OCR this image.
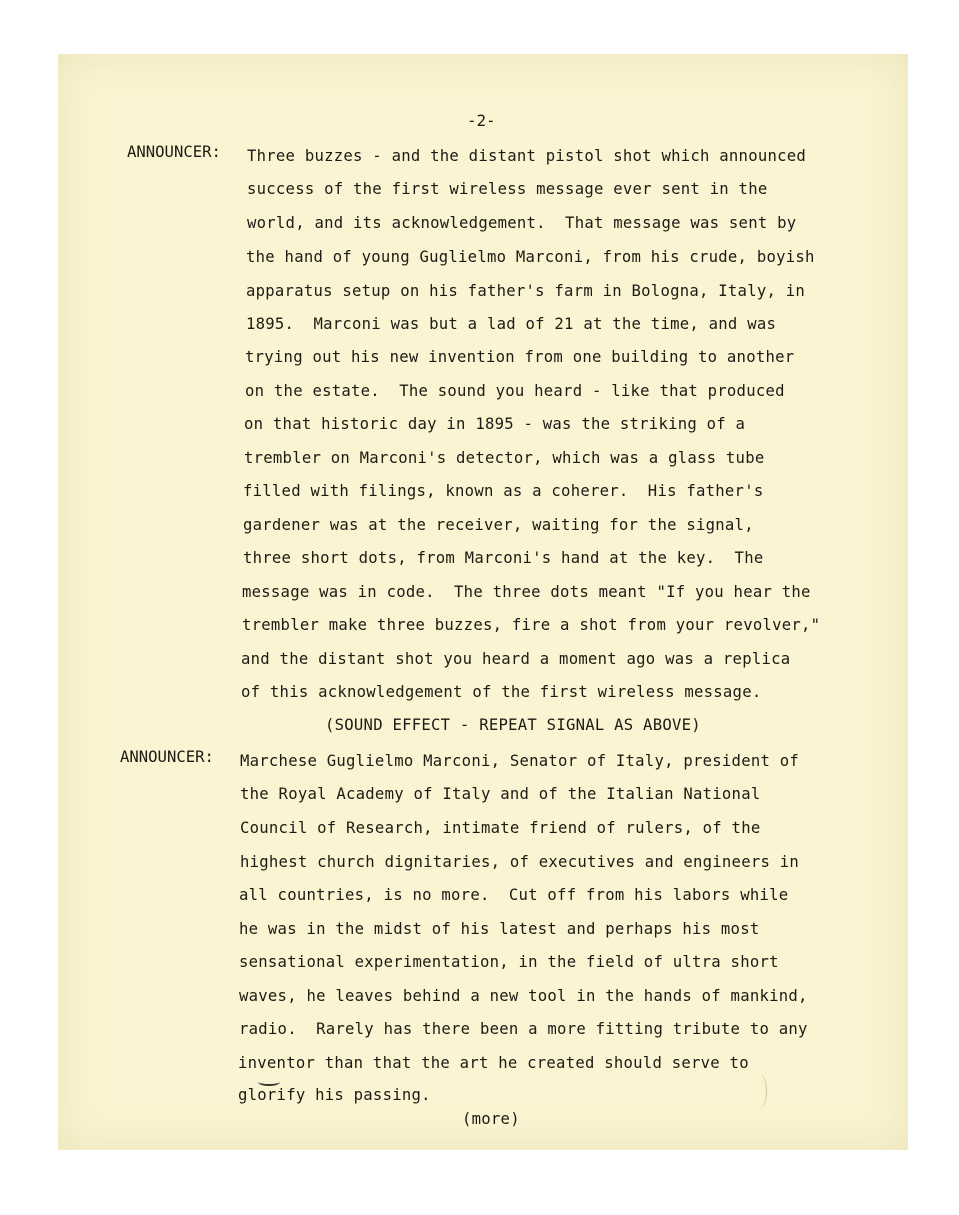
-2-
ANNOUNCER: Three buzzes - and the distant pistol shot which announced
success of the first wireless message ever sent in the
world, and its acknowledgement.  That message was sent by
the hand of young Guglielmo Marconi, from his crude, boyish
apparatus setup on his father's farm in Bologna, Italy, in
1895.  Marconi was but a lad of 21 at the time, and was
trying out his new invention from one building to another
on the estate.  The sound you heard - like that produced
on that historic day in 1895 - was the striking of a
trembler on Marconi's detector, which was a glass tube
filled with filings, known as a coherer.  His father's
gardener was at the receiver, waiting for the signal,
three short dots, from Marconi's hand at the key.  The
message was in code.  The three dots meant "If you hear the
trembler make three buzzes, fire a shot from your revolver,"
and the distant shot you heard a moment ago was a replica
of this acknowledgement of the first wireless message.
(SOUND EFFECT - REPEAT SIGNAL AS ABOVE)
ANNOUNCER: Marchese Guglielmo Marconi, Senator of Italy, president of
the Royal Academy of Italy and of the Italian National
Council of Research, intimate friend of rulers, of the
highest church dignitaries, of executives and engineers in
all countries, is no more.  Cut off from his labors while
he was in the midst of his latest and perhaps his most
sensational experimentation, in the field of ultra short
waves, he leaves behind a new tool in the hands of mankind,
radio.  Rarely has there been a more fitting tribute to any
inventor than that the art he created should serve to
glorify his passing.
(more)
